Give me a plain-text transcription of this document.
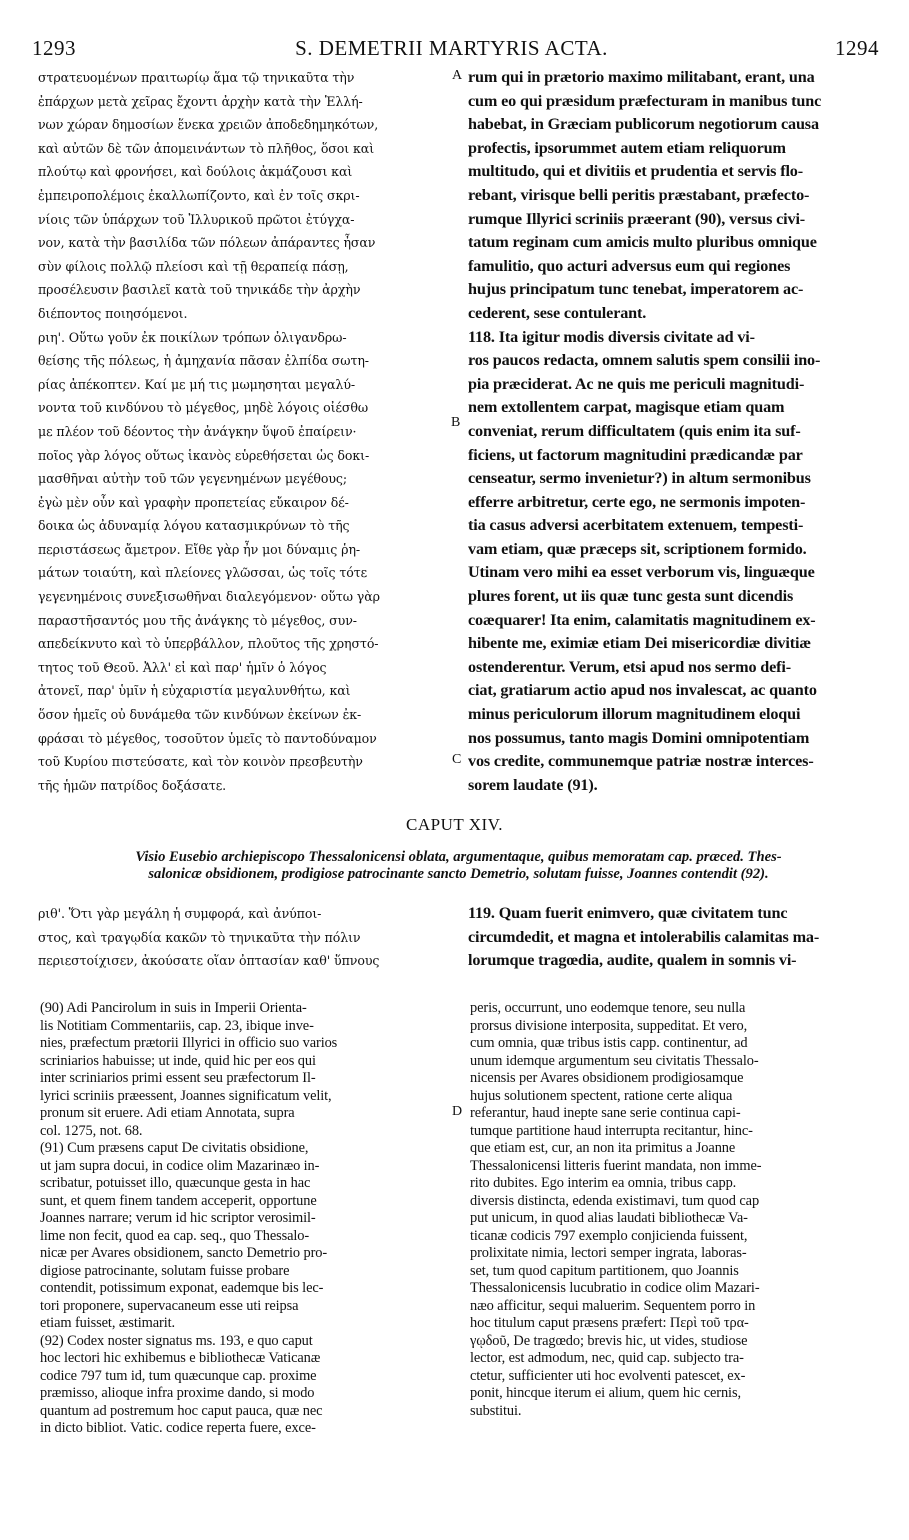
1293	S. DEMETRII MARTYRIS ACTA.	1294

στρατευομένων πραιτωρίῳ ἅμα τῷ τηνικαῦτα τὴν

ἐπάρχων μετὰ χεῖρας ἔχοντι ἀρχὴν κατὰ τὴν Ἑλλή-

νων χώραν δημοσίων ἕνεκα χρειῶν ἀποδεδημηκότων,

καὶ αὐτῶν δὲ τῶν ἀπομεινάντων τὸ πλῆθος, ὅσοι καὶ

πλούτῳ καὶ φρονήσει, καὶ δούλοις ἀκμάζουσι καὶ

ἐμπειροπολέμοις ἐκαλλωπίζοντο, καὶ ἐν τοῖς σκρι-

νίοις τῶν ὑπάρχων τοῦ Ἰλλυρικοῦ πρῶτοι ἐτύγχα-

νον, κατὰ τὴν βασιλίδα τῶν πόλεων ἀπάραντες ἦσαν

σὺν φίλοις πολλῷ πλείοσι καὶ τῇ θεραπείᾳ πάσῃ,

προσέλευσιν βασιλεῖ κατὰ τοῦ τηνικάδε τὴν ἀρχὴν

διέποντος ποιησόμενοι.

ριη'. Οὕτω γοῦν ἐκ ποικίλων τρόπων ὀλιγανδρω-

θείσης τῆς πόλεως, ἡ ἀμηχανία πᾶσαν ἐλπίδα σωτη-

ρίας ἀπέκοπτεν. Καί με μή τις μωμησηται μεγαλύ-

νοντα τοῦ κινδύνου τὸ μέγεθος, μηδὲ λόγοις οἰέσθω

με πλέον τοῦ δέοντος τὴν ἀνάγκην ὕψοῦ ἐπαίρειν·

ποῖος γὰρ λόγος οὕτως ἱκανὸς εὑρεθήσεται ὡς δοκι-

μασθῆναι αὐτὴν τοῦ τῶν γεγενημένων μεγέθους;

ἐγὼ μὲν οὖν καὶ γραφὴν προπετείας εὔκαιρον δέ-

δοικα ὡς ἀδυναμίᾳ λόγου κατασμικρύνων τὸ τῆς

περιστάσεως ἄμετρον. Εἴθε γὰρ ἦν μοι δύναμις ῥη-

μάτων τοιαύτη, καὶ πλείονες γλῶσσαι, ὡς τοῖς τότε

γεγενημένοις συνεξισωθῆναι διαλεγόμενον· οὕτω γὰρ

παραστῆσαντός μου τῆς ἀνάγκης τὸ μέγεθος, συν-

απεδείκνυτο καὶ τὸ ὑπερβάλλον, πλοῦτος τῆς χρηστό-

τητος τοῦ Θεοῦ. Ἀλλ' εἰ καὶ παρ' ἡμῖν ὁ λόγος

ἀτονεῖ, παρ' ὑμῖν ἡ εὐχαριστία μεγαλυνθήτω, καὶ

ὅσον ἡμεῖς οὐ δυνάμεθα τῶν κινδύνων ἐκείνων ἐκ-

φράσαι τὸ μέγεθος, τοσοῦτον ὑμεῖς τὸ παντοδύναμον

τοῦ Κυρίου πιστεύσατε, καὶ τὸν κοινὸν πρεσβευτὴν

τῆς ἡμῶν πατρίδος δοξάσατε.

A
B
C
D

rum qui in prætorio maximo militabant, erant, una

cum eo qui præsidum præfecturam in manibus tunc

habebat, in Græciam publicorum negotiorum causa

profectis, ipsorummet autem etiam reliquorum

multitudo, qui et divitiis et prudentia et servis flo-

rebant, virisque belli peritis præstabant, præfecto-

rumque Illyrici scriniis præerant (90), versus civi-

tatum reginam cum amicis multo pluribus omnique

famulitio, quo acturi adversus eum qui regiones

hujus principatum tunc tenebat, imperatorem ac-

cederent, sese contulerant.

118. Ita igitur modis diversis civitate ad vi-

ros paucos redacta, omnem salutis spem consilii ino-

pia præciderat. Ac ne quis me periculi magnitudi-

nem extollentem carpat, magisque etiam quam

conveniat, rerum difficultatem (quis enim ita suf-

ficiens, ut factorum magnitudini prædicandæ par

censeatur, sermo invenietur?) in altum sermonibus

efferre arbitretur, certe ego, ne sermonis impoten-

tia casus adversi acerbitatem extenuem, tempesti-

vam etiam, quæ præceps sit, scriptionem formido.

Utinam vero mihi ea esset verborum vis, linguæque

plures forent, ut iis quæ tunc gesta sunt dicendis

coæquarer! Ita enim, calamitatis magnitudinem ex-

hibente me, eximiæ etiam Dei misericordiæ divitiæ

ostenderentur. Verum, etsi apud nos sermo defi-

ciat, gratiarum actio apud nos invalescat, ac quanto

minus periculorum illorum magnitudinem eloqui

nos possumus, tanto magis Domini omnipotentiam

vos credite, communemque patriæ nostræ interces-

sorem laudate (91).

CAPUT XIV.

Visio Eusebio archiepiscopo Thessalonicensi oblata, argumentaque, quibus memoratam cap. præced. Thes-

salonicæ obsidionem, prodigiose patrocinante sancto Demetrio, solutam fuisse, Joannes contendit (92).

ριθ'. Ὅτι γὰρ μεγάλη ἡ συμφορά, καὶ ἀνύποι-

στος, καὶ τραγῳδία κακῶν τὸ τηνικαῦτα τὴν πόλιν

περιεστοίχισεν, ἀκούσατε οἵαν ὀπτασίαν καθ' ὕπνους

119. Quam fuerit enimvero, quæ civitatem tunc

circumdedit, et magna et intolerabilis calamitas ma-

lorumque tragœdia, audite, qualem in somnis vi-

(90) Adi Pancirolum in suis in Imperii Orienta-

lis Notitiam Commentariis, cap. 23, ibique inve-

nies, præfectum prætorii Illyrici in officio suo varios

scriniarios habuisse; ut inde, quid hic per eos qui

inter scriniarios primi essent seu præfectorum Il-

lyrici scriniis præessent, Joannes significatum velit,

pronum sit eruere. Adi etiam Annotata, supra

col. 1275, not. 68.

(91) Cum præsens caput De civitatis obsidione,

ut jam supra docui, in codice olim Mazarinæo in-

scribatur, potuisset illo, quæcunque gesta in hac

sunt, et quem finem tandem acceperit, opportune

Joannes narrare; verum id hic scriptor verosimil-

lime non fecit, quod ea cap. seq., quo Thessalo-

nicæ per Avares obsidionem, sancto Demetrio pro-

digiose patrocinante, solutam fuisse probare

contendit, potissimum exponat, eademque bis lec-

tori proponere, supervacaneum esse uti reipsa

etiam fuisset, æstimarit.

(92) Codex noster signatus ms. 193, e quo caput

hoc lectori hic exhibemus e bibliothecæ Vaticanæ

codice 797 tum id, tum quæcunque cap. proxime

præmisso, alioque infra proxime dando, si modo

quantum ad postremum hoc caput pauca, quæ nec

in dicto bibliot. Vatic. codice reperta fuere, exce-

peris, occurrunt, uno eodemque tenore, seu nulla

prorsus divisione interposita, suppeditat. Et vero,

cum omnia, quæ tribus istis capp. continentur, ad

unum idemque argumentum seu civitatis Thessalo-

nicensis per Avares obsidionem prodigiosamque

hujus solutionem spectent, ratione certe aliqua

referantur, haud inepte sane serie continua capi-

tumque partitione haud interrupta recitantur, hinc-

que etiam est, cur, an non ita primitus a Joanne

Thessalonicensi litteris fuerint mandata, non imme-

rito dubites. Ego interim ea omnia, tribus capp.

diversis distincta, edenda existimavi, tum quod cap

put unicum, in quod alias laudati bibliothecæ Va-

ticanæ codicis 797 exemplo conjicienda fuissent,

prolixitate nimia, lectori semper ingrata, laboras-

set, tum quod capitum partitionem, quo Joannis

Thessalonicensis lucubratio in codice olim Mazari-

næo afficitur, sequi maluerim. Sequentem porro in

hoc titulum caput præsens præfert: Περὶ τοῦ τρα-

γῳδοῦ, De tragœdo; brevis hic, ut vides, studiose

lector, est admodum, nec, quid cap. subjecto tra-

ctetur, sufficienter uti hoc evolventi patescet, ex-

ponit, hincque iterum ei alium, quem hic cernis,

substitui.
